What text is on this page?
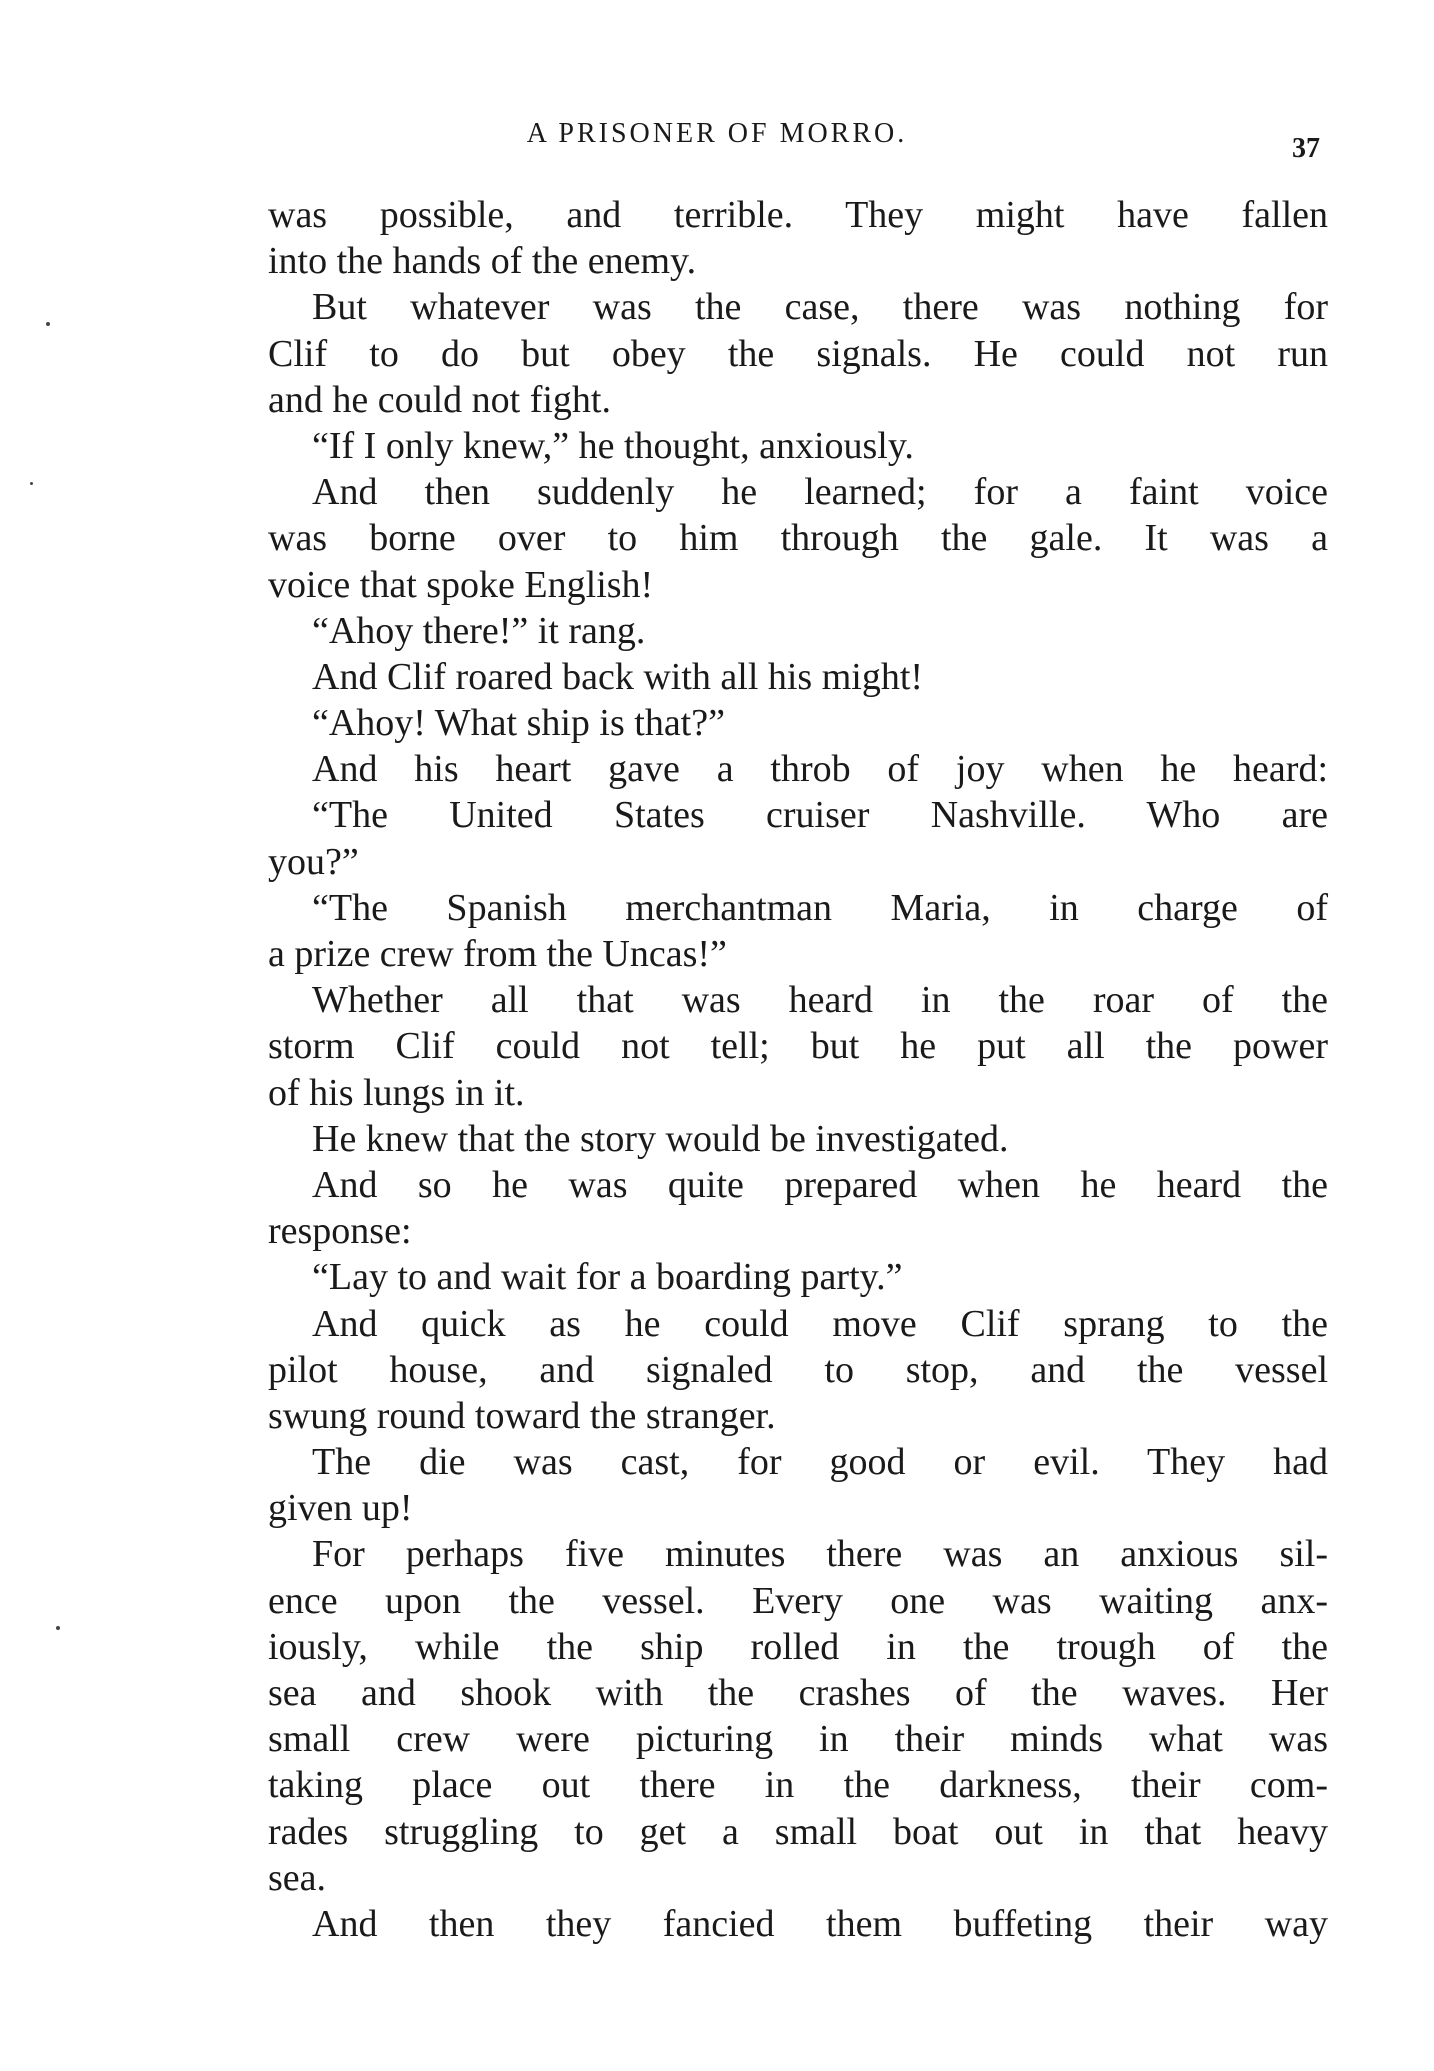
A PRISONER OF MORRO.	37
was possible, and terrible. They might have fallen
into the hands of the enemy.
But whatever was the case, there was nothing for
Clif to do but obey the signals. He could not run
and he could not fight.
“If I only knew,” he thought, anxiously.
And then suddenly he learned; for a faint voice
was borne over to him through the gale. It was a
voice that spoke English!
“Ahoy there!” it rang.
And Clif roared back with all his might!
“Ahoy! What ship is that?”
And his heart gave a throb of joy when he heard:
“The United States cruiser Nashville. Who are
you?”
“The Spanish merchantman Maria, in charge of
a prize crew from the Uncas!”
Whether all that was heard in the roar of the
storm Clif could not tell; but he put all the power
of his lungs in it.
He knew that the story would be investigated.
And so he was quite prepared when he heard the
response:
“Lay to and wait for a boarding party.”
And quick as he could move Clif sprang to the
pilot house, and signaled to stop, and the vessel
swung round toward the stranger.
The die was cast, for good or evil. They had
given up!
For perhaps five minutes there was an anxious sil-
ence upon the vessel. Every one was waiting anx-
iously, while the ship rolled in the trough of the
sea and shook with the crashes of the waves. Her
small crew were picturing in their minds what was
taking place out there in the darkness, their com-
rades struggling to get a small boat out in that heavy
sea.
And then they fancied them buffeting their way
